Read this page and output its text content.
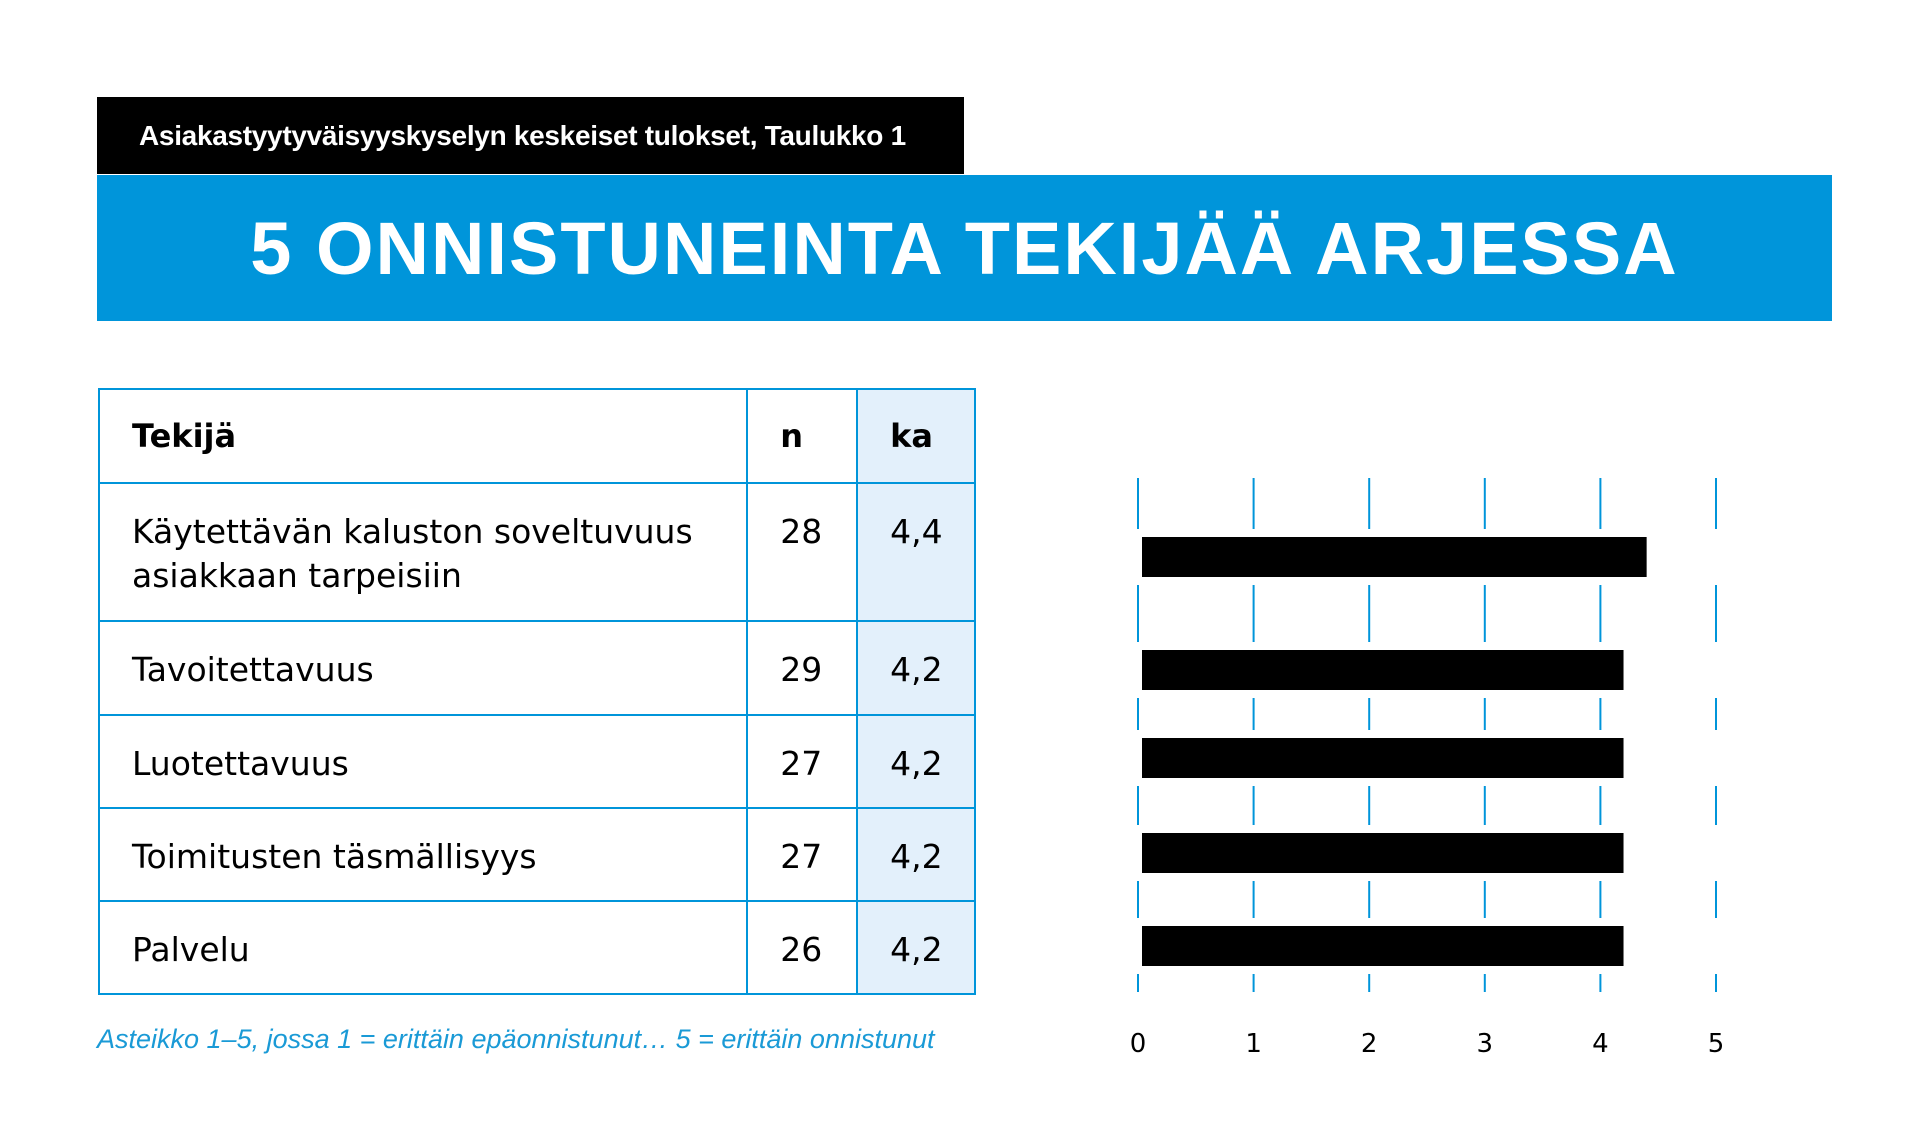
Asiakastyytyväisyyskyselyn keskeiset tulokset, Taulukko 1
5 ONNISTUNEINTA TEKIJÄÄ ARJESSA
Tekijä	n	ka
Käytettävän kaluston soveltuvuus asiakkaan tarpeisiin	28	4,4
Tavoitettavuus	29	4,2
Luotettavuus	27	4,2
Toimitusten täsmällisyys	27	4,2
Palvelu	26	4,2
Asteikko 1–5, jossa 1 = erittäin epäonnistunut… 5 = erittäin onnistunut	0	1	2	3	4	5
